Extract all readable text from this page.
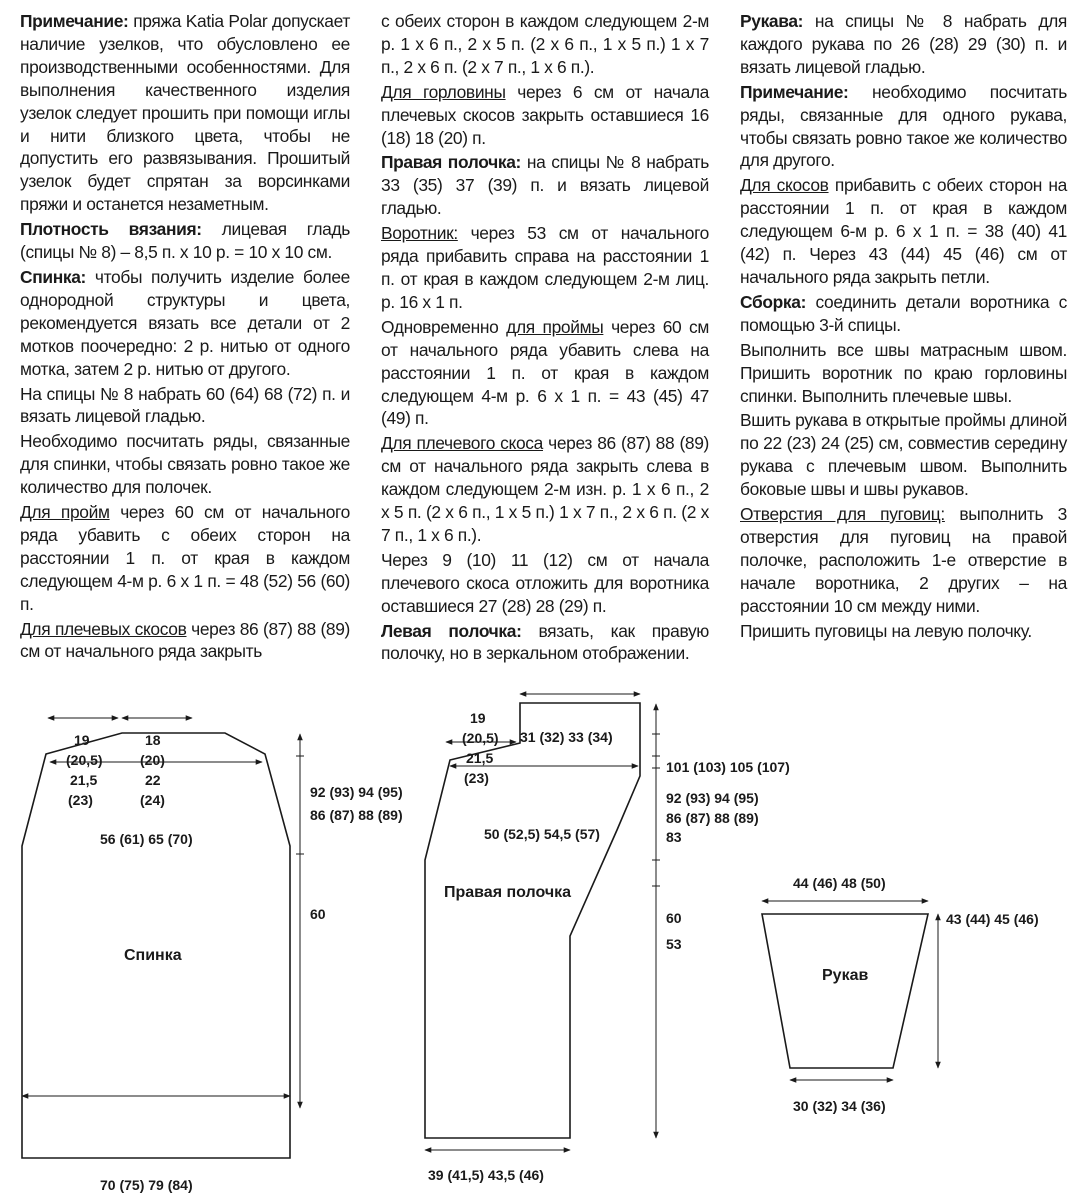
Примечание: пряжа Katia Polar допускает наличие узелков, что обусловлено ее производственными особенностями. Для выполнения качественного изделия узелок следует прошить при помощи иглы и нити близкого цвета, чтобы не допустить его развязывания. Прошитый узелок будет спрятан за ворсинками пряжи и останется незаметным.

Плотность вязания: лицевая гладь (спицы № 8) – 8,5 п. х 10 р. = 10 х 10 см.

Спинка: чтобы получить изделие более однородной структуры и цвета, рекомендуется вязать все детали от 2 мотков поочередно: 2 р. нитью от одного мотка, затем 2 р. нитью от другого.

На спицы № 8 набрать 60 (64) 68 (72) п. и вязать лицевой гладью.

Необходимо посчитать ряды, связанные для спинки, чтобы связать ровно такое же количество для полочек.

Для пройм через 60 см от начального ряда убавить с обеих сторон на расстоянии 1 п. от края в каждом следующем 4-м р. 6 х 1 п. = 48 (52) 56 (60) п.

Для плечевых скосов через 86 (87) 88 (89) см от начального ряда закрыть

с обеих сторон в каждом следующем 2-м р. 1 х 6 п., 2 х 5 п. (2 х 6 п., 1 х 5 п.) 1 х 7 п., 2 х 6 п. (2 х 7 п., 1 х 6 п.).

Для горловины через 6 см от начала плечевых скосов закрыть оставшиеся 16 (18) 18 (20) п.

Правая полочка: на спицы № 8 набрать 33 (35) 37 (39) п. и вязать лицевой гладью.

Воротник: через 53 см от начального ряда прибавить справа на расстоянии 1 п. от края в каждом следующем 2-м лиц. р. 16 х 1 п.

Одновременно для проймы через 60 см от начального ряда убавить слева на расстоянии 1 п. от края в каждом следующем 4-м р. 6 х 1 п. = 43 (45) 47 (49) п.

Для плечевого скоса через 86 (87) 88 (89) см от начального ряда закрыть слева в каждом следующем 2-м изн. р. 1 х 6 п., 2 х 5 п. (2 х 6 п., 1 х 5 п.) 1 х 7 п., 2 х 6 п. (2 х 7 п., 1 х 6 п.).

Через 9 (10) 11 (12) см от начала плечевого скоса отложить для воротника оставшиеся 27 (28) 28 (29) п.

Левая полочка: вязать, как правую полочку, но в зеркальном отображении.

Рукава: на спицы № 8 набрать для каждого рукава по 26 (28) 29 (30) п. и вязать лицевой гладью.

Примечание: необходимо посчитать ряды, связанные для одного рукава, чтобы связать ровно такое же количество для другого.

Для скосов прибавить с обеих сторон на расстоянии 1 п. от края в каждом следующем 6-м р. 6 х 1 п. = 38 (40) 41 (42) п. Через 43 (44) 45 (46) см от начального ряда закрыть петли.

Сборка: соединить детали воротника с помощью 3-й спицы.

Выполнить все швы матрасным швом. Пришить воротник по краю горловины спинки. Выполнить плечевые швы.

Вшить рукава в открытые проймы длиной по 22 (23) 24 (25) см, совместив середину рукава с плечевым швом. Выполнить боковые швы и швы рукавов.

Отверстия для пуговиц: выполнить 3 отверстия для пуговиц на правой полочке, расположить 1-е отверстие в начале воротника, 2 других – на расстоянии 10 см между ними.

Пришить пуговицы на левую полочку.

19
(20,5)
21,5
(23)
18
(20)
22
(24)
56 (61) 65 (70)
Спинка
70 (75) 79 (84)
92 (93) 94 (95)
86 (87) 88 (89)
60
19
(20,5)
21,5
(23)
31 (32) 33 (34)
50 (52,5) 54,5 (57)
Правая полочка
39 (41,5) 43,5 (46)
101 (103) 105 (107)
92 (93) 94 (95)
86 (87) 88 (89)
83
60
53
44 (46) 48 (50)
Рукав
30 (32) 34 (36)
43 (44) 45 (46)
